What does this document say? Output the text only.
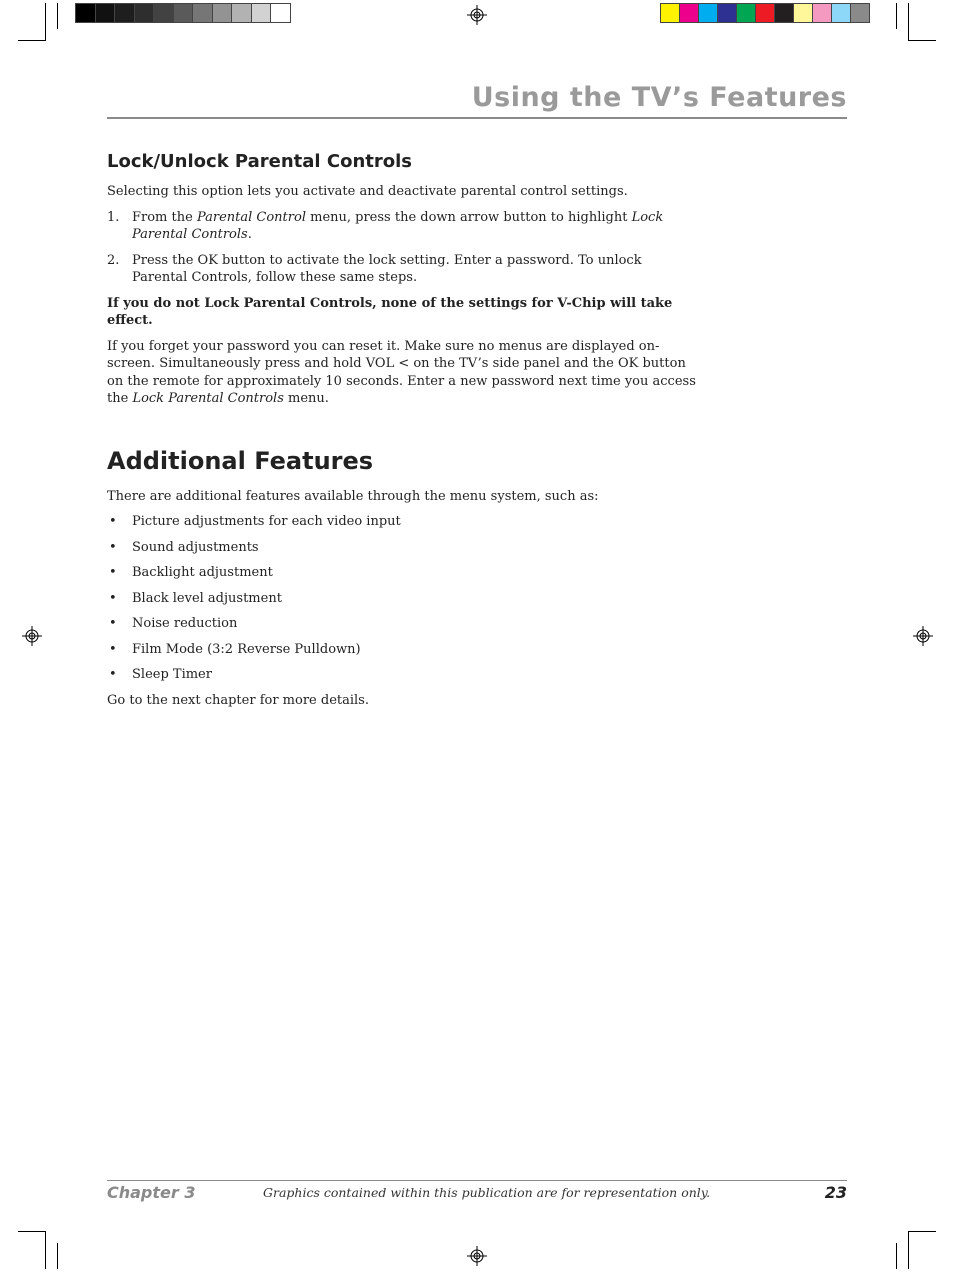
Using the TV’s Features
Lock/Unlock Parental Controls

Selecting this option lets you activate and deactivate parental control settings.

1. From the Parental Control menu, press the down arrow button to highlight Lock Parental Controls.
2. Press the OK button to activate the lock setting. Enter a password. To unlock Parental Controls, follow these same steps.

If you do not Lock Parental Controls, none of the settings for V-Chip will take effect.

If you forget your password you can reset it. Make sure no menus are displayed on-screen. Simultaneously press and hold VOL < on the TV’s side panel and the OK button on the remote for approximately 10 seconds. Enter a new password next time you access the Lock Parental Controls menu.

Additional Features

There are additional features available through the menu system, such as:

• Picture adjustments for each video input
• Sound adjustments
• Backlight adjustment
• Black level adjustment
• Noise reduction
• Film Mode (3:2 Reverse Pulldown)
• Sleep Timer

Go to the next chapter for more details.

Chapter 3	Graphics contained within this publication are for representation only.	23
